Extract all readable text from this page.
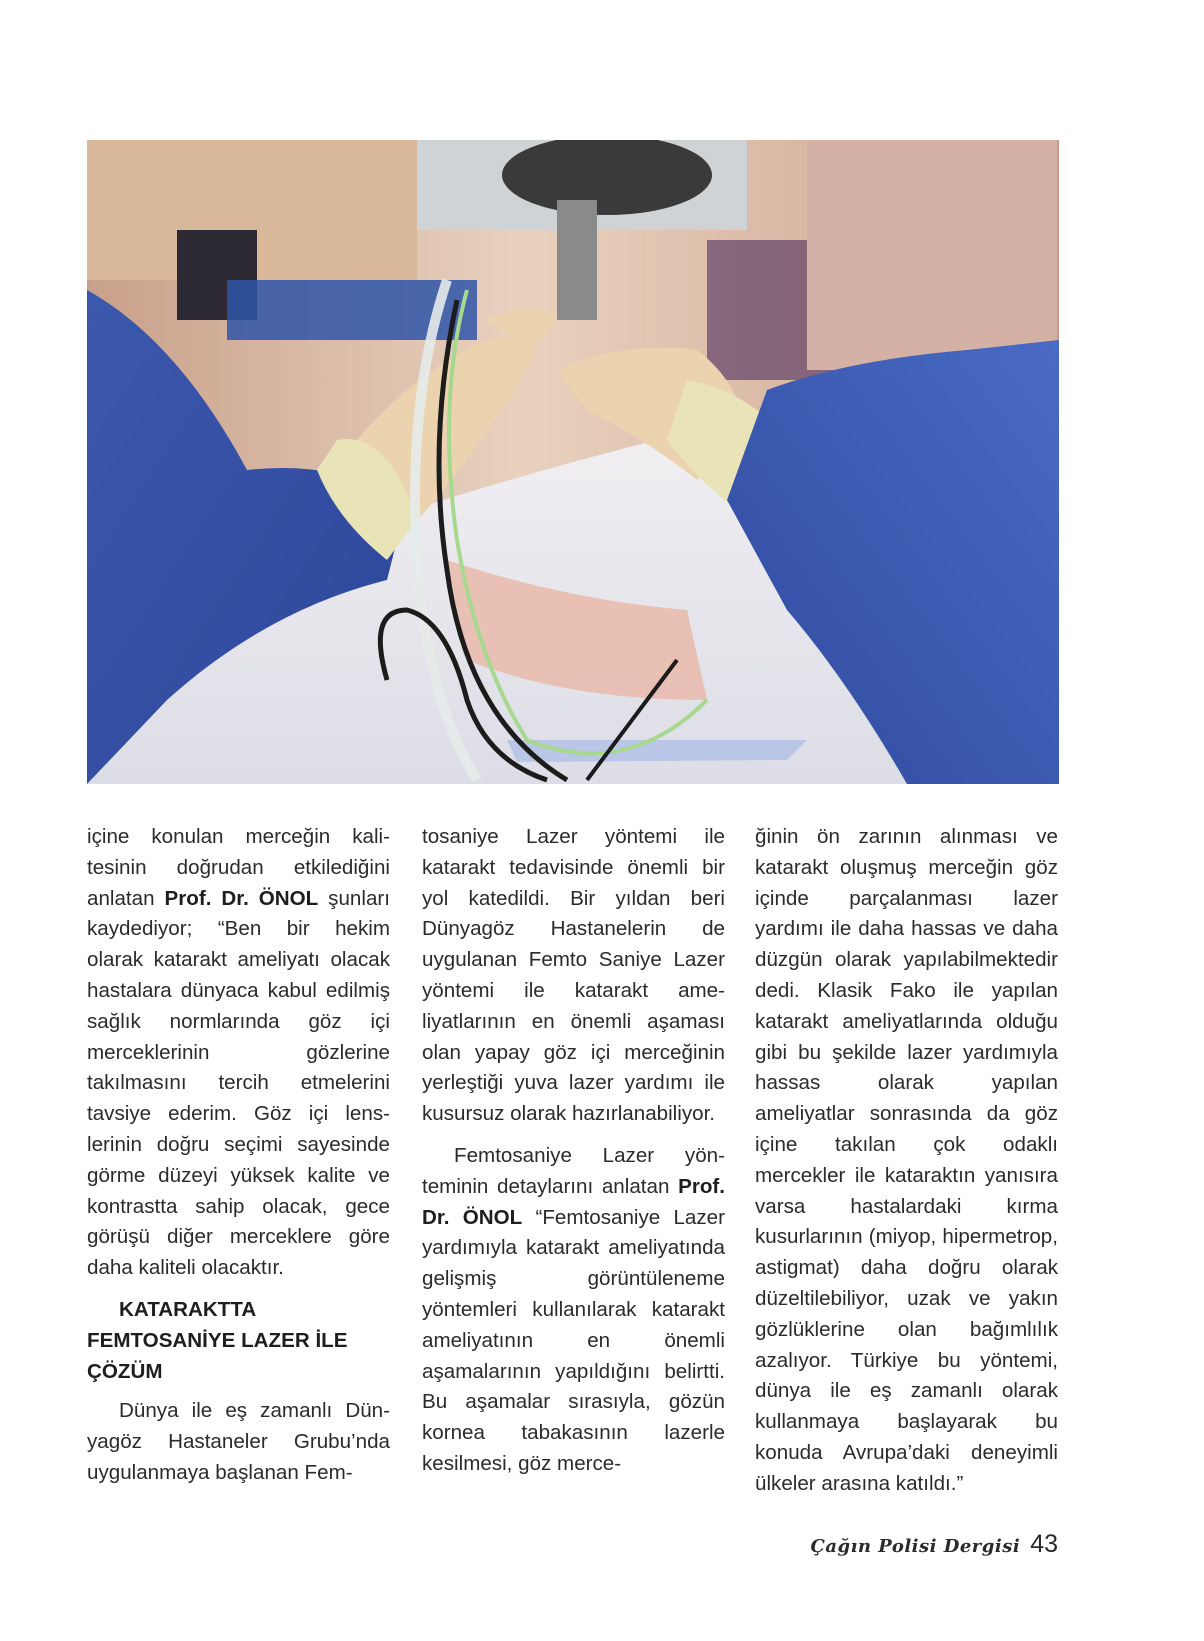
içine konulan merceğin kalitesinin doğrudan etkilediğini anlatan Prof. Dr. ÖNOL şunları kaydediyor; “Ben bir hekim olarak katarakt ameliyatı olacak hastalara dünyaca kabul edilmiş sağlık normlarında göz içi merceklerinin gözlerine takılmasını tercih etmelerini tavsiye ederim. Göz içi lenslerinin doğru seçimi sayesinde görme düzeyi yüksek kalite ve kontrastta sahip olacak, gece görüşü diğer merceklere göre daha kaliteli olacaktır.

KATARAKTTA
FEMTOSANİYE LAZER İLE
ÇÖZÜM

Dünya ile eş zamanlı Dünyagöz Hastaneler Grubu’nda uygulanmaya başlanan Fem-

tosaniye Lazer yöntemi ile katarakt tedavisinde önemli bir yol katedildi. Bir yıldan beri Dünyagöz Hastanelerin de uygulanan Femto Saniye Lazer yöntemi ile katarakt ameliyatlarının en önemli aşaması olan yapay göz içi merceğinin yerleştiği yuva lazer yardımı ile kusursuz olarak hazırlanabiliyor.

Femtosaniye Lazer yönteminin detaylarını anlatan Prof. Dr. ÖNOL “Femtosaniye Lazer yardımıyla katarakt ameliyatında gelişmiş görüntüleneme yöntemleri kullanılarak katarakt ameliyatının en önemli aşamalarının yapıldığını belirtti. Bu aşamalar sırasıyla, gözün kornea tabakasının lazerle kesilmesi, göz merce-

ğinin ön zarının alınması ve katarakt oluşmuş merceğin göz içinde parçalanması lazer yardımı ile daha hassas ve daha düzgün olarak yapılabilmektedir dedi. Klasik Fako ile yapılan katarakt ameliyatlarında olduğu gibi bu şekilde lazer yardımıyla hassas olarak yapılan ameliyatlar sonrasında da göz içine takılan çok odaklı mercekler ile kataraktın yanısıra varsa hastalardaki kırma kusurlarının (miyop, hipermetrop, astigmat) daha doğru olarak düzeltilebiliyor, uzak ve yakın gözlüklerine olan bağımlılık azalıyor. Türkiye bu yöntemi, dünya ile eş zamanlı olarak kullanmaya başlayarak bu konuda Avrupa’daki deneyimli ülkeler arasına katıldı.”

Çağın Polisi Dergisi 43
